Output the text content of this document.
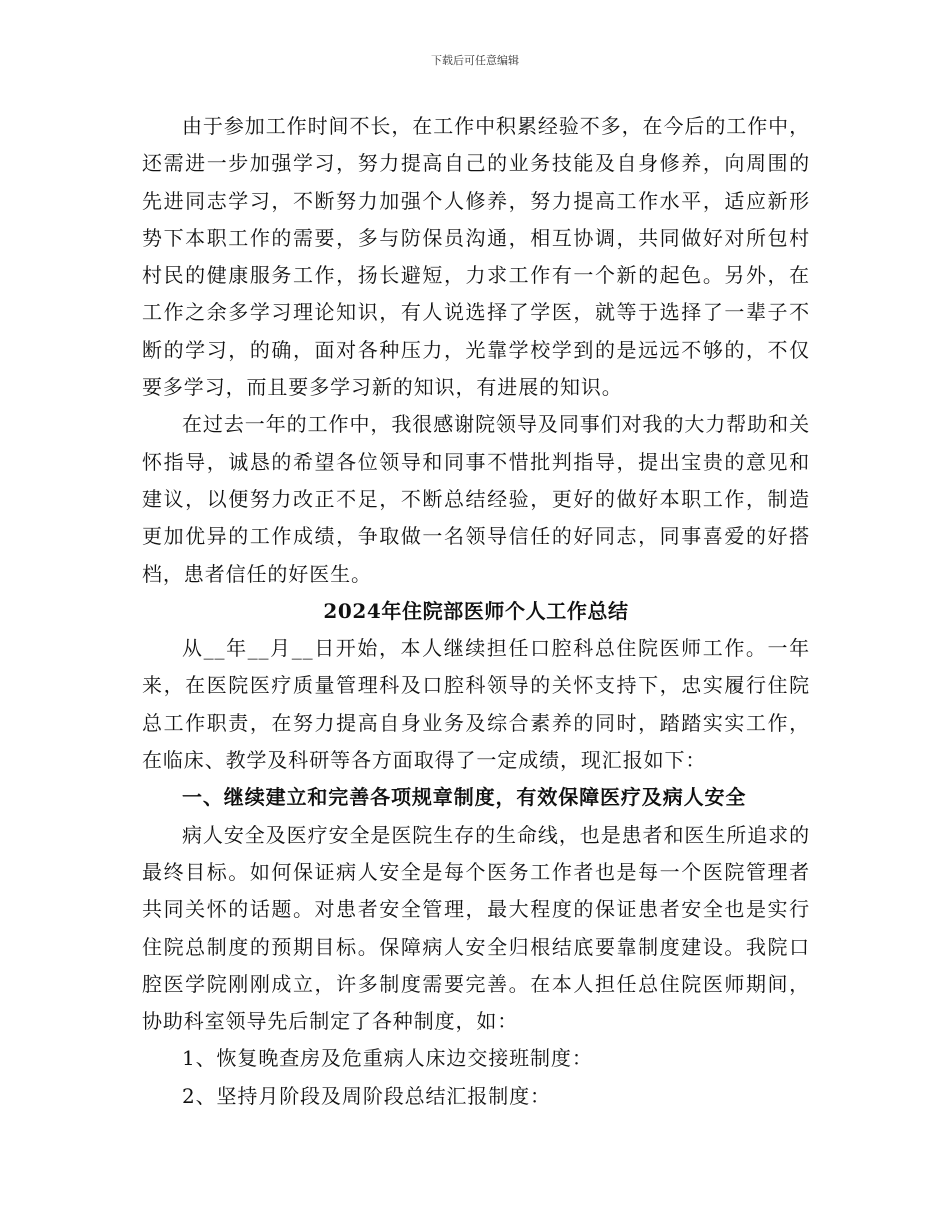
下载后可任意编辑

由于参加工作时间不长，在工作中积累经验不多，在今后的工作中，还需进一步加强学习，努力提高自己的业务技能及自身修养，向周围的先进同志学习，不断努力加强个人修养，努力提高工作水平，适应新形势下本职工作的需要，多与防保员沟通，相互协调，共同做好对所包村村民的健康服务工作，扬长避短，力求工作有一个新的起色。另外，在工作之余多学习理论知识，有人说选择了学医，就等于选择了一辈子不断的学习，的确，面对各种压力，光靠学校学到的是远远不够的，不仅要多学习，而且要多学习新的知识，有进展的知识。

在过去一年的工作中，我很感谢院领导及同事们对我的大力帮助和关怀指导，诚恳的希望各位领导和同事不惜批判指导，提出宝贵的意见和建议，以便努力改正不足，不断总结经验，更好的做好本职工作，制造更加优异的工作成绩，争取做一名领导信任的好同志，同事喜爱的好搭档，患者信任的好医生。

2024年住院部医师个人工作总结

从__年__月__日开始，本人继续担任口腔科总住院医师工作。一年来，在医院医疗质量管理科及口腔科领导的关怀支持下，忠实履行住院总工作职责，在努力提高自身业务及综合素养的同时，踏踏实实工作，在临床、教学及科研等各方面取得了一定成绩，现汇报如下：

一、继续建立和完善各项规章制度，有效保障医疗及病人安全

病人安全及医疗安全是医院生存的生命线，也是患者和医生所追求的最终目标。如何保证病人安全是每个医务工作者也是每一个医院管理者共同关怀的话题。对患者安全管理，最大程度的保证患者安全也是实行住院总制度的预期目标。保障病人安全归根结底要靠制度建设。我院口腔医学院刚刚成立，许多制度需要完善。在本人担任总住院医师期间，协助科室领导先后制定了各种制度，如：

1、恢复晚查房及危重病人床边交接班制度：

2、坚持月阶段及周阶段总结汇报制度：
